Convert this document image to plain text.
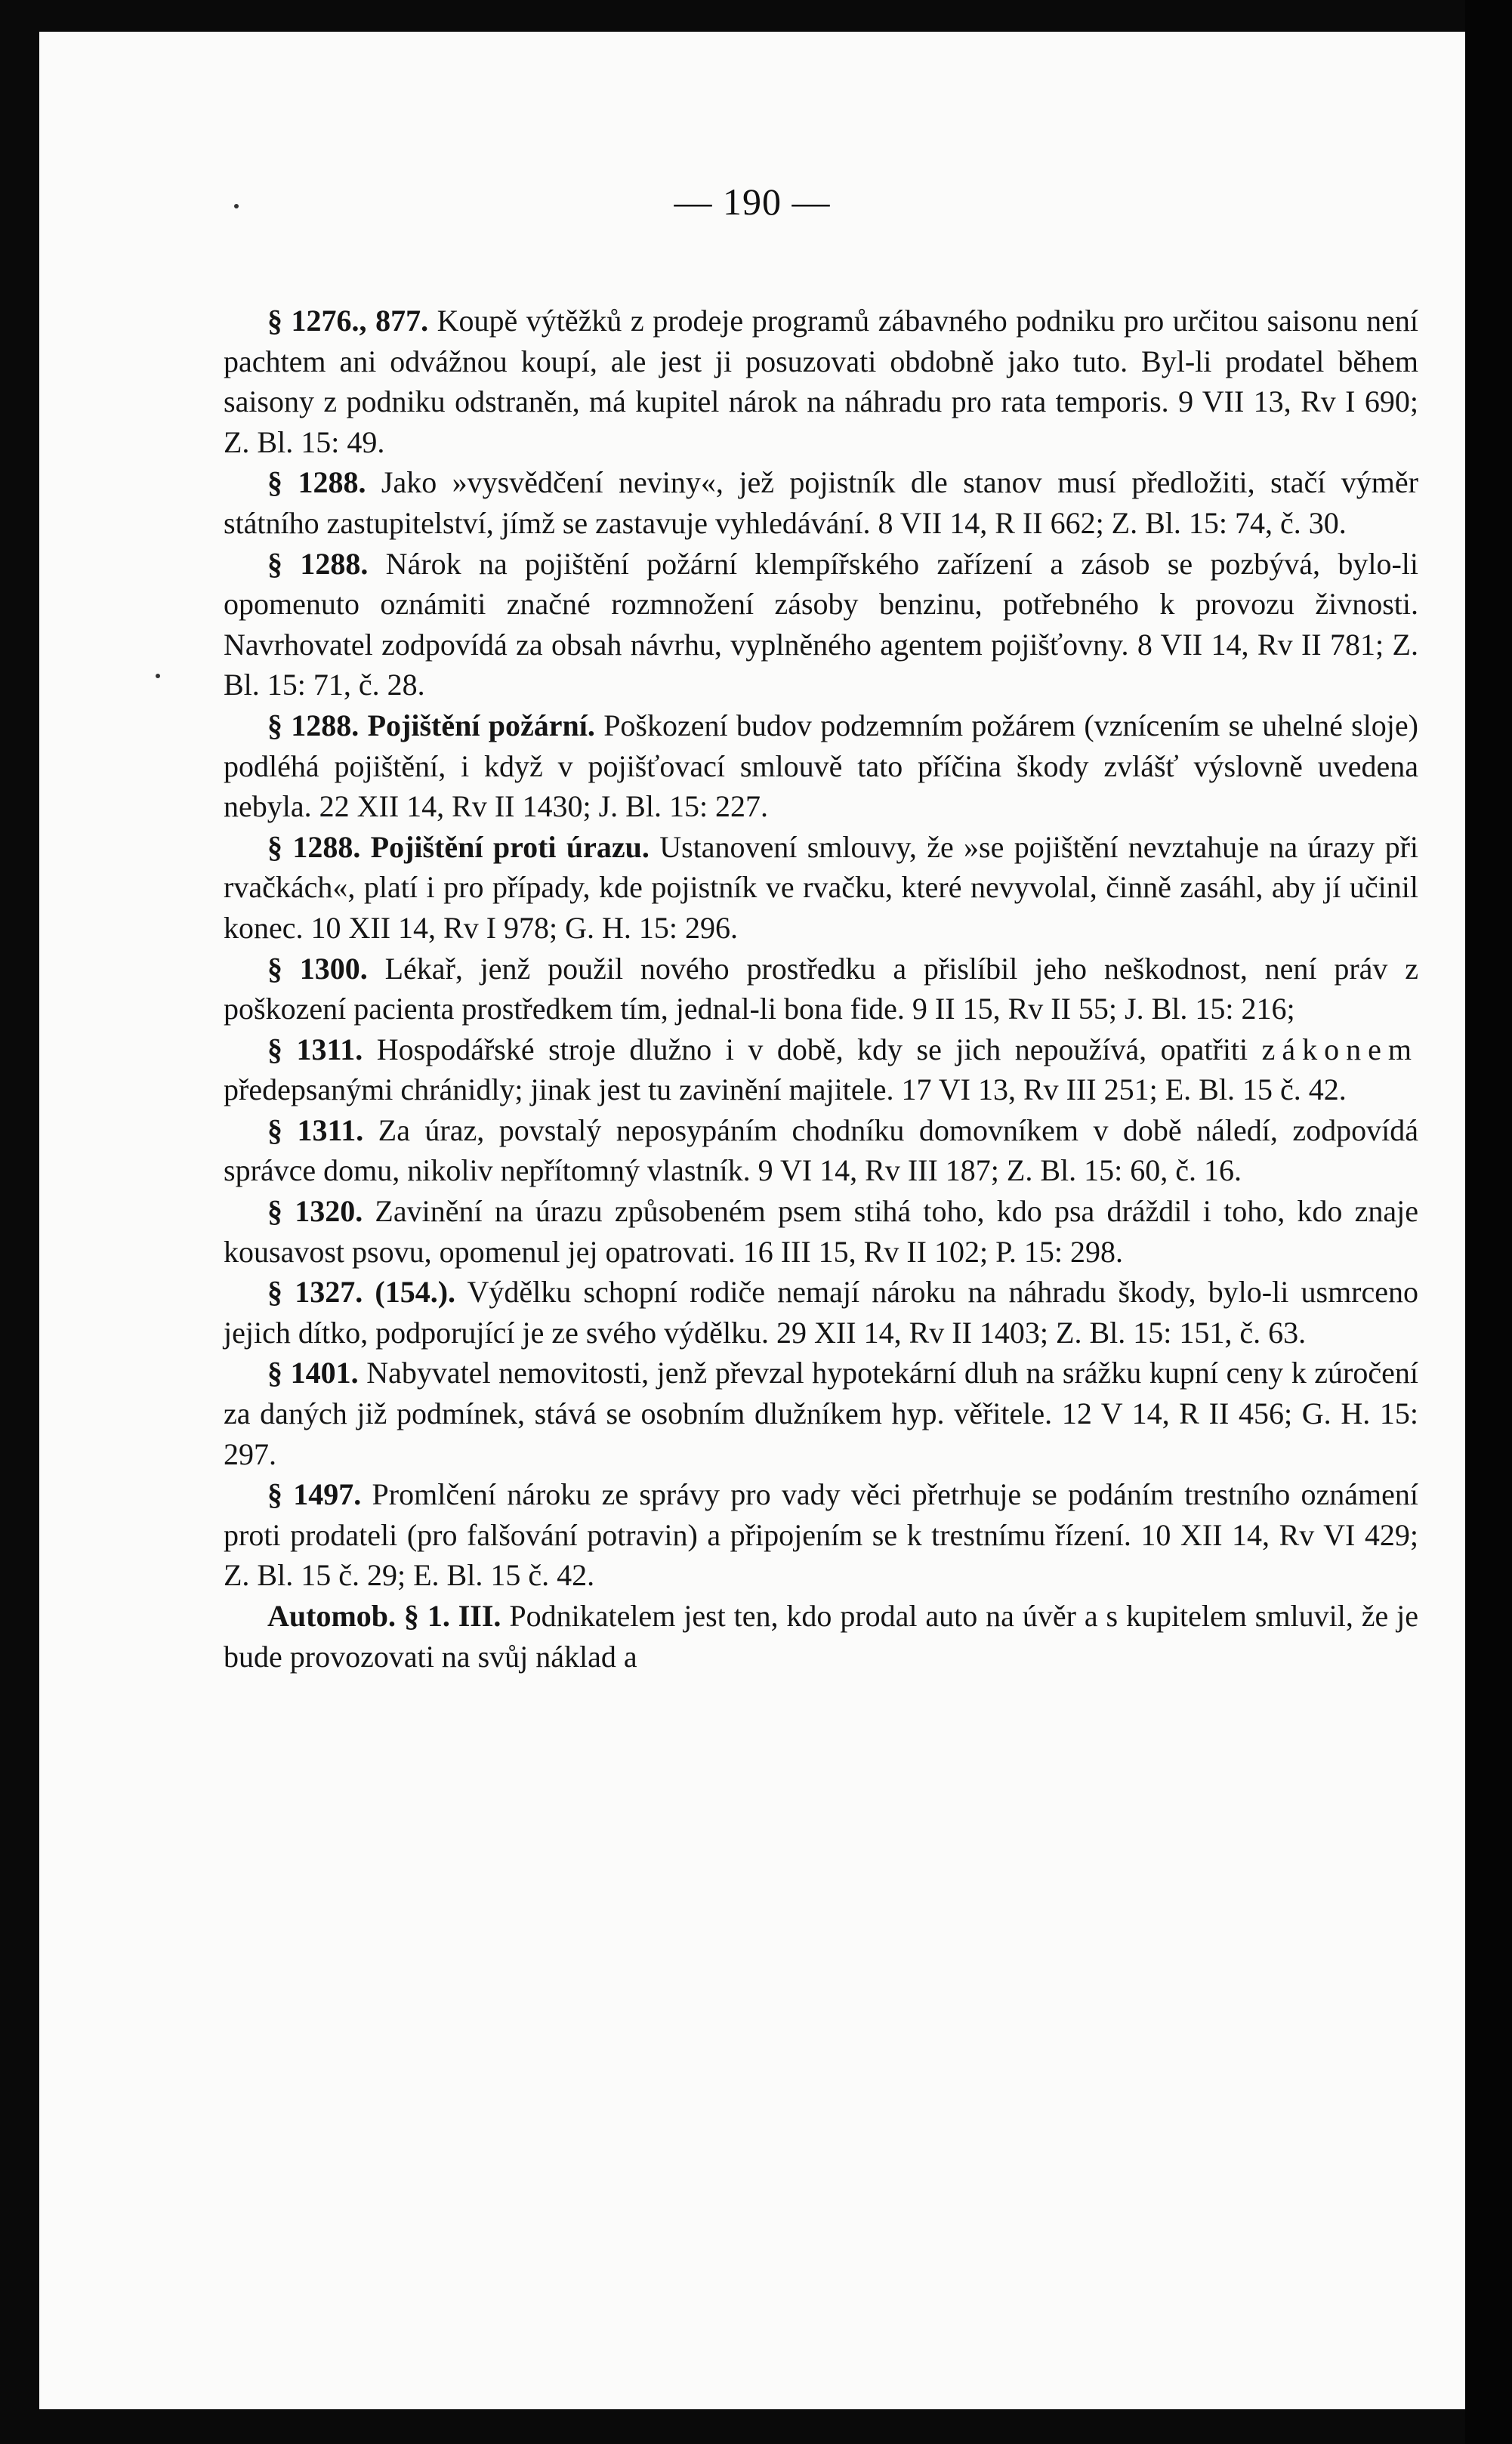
— 190 —

§ 1276., 877. Koupě výtěžků z prodeje programů zábavného podniku pro určitou saisonu není pachtem ani odvážnou koupí, ale jest ji posuzovati obdobně jako tuto. Byl-li prodatel během saisony z podniku odstraněn, má kupitel nárok na náhradu pro rata temporis. 9 VII 13, Rv I 690; Z. Bl. 15: 49.

§ 1288. Jako »vysvědčení neviny«, jež pojistník dle stanov musí předložiti, stačí výměr státního zastupitelství, jímž se zastavuje vyhledávání. 8 VII 14, R II 662; Z. Bl. 15: 74, č. 30.

§ 1288. Nárok na pojištění požární klempířského zařízení a zásob se pozbývá, bylo-li opomenuto oznámiti značné rozmnožení zásoby benzinu, potřebného k provozu živnosti. Navrhovatel zodpovídá za obsah návrhu, vyplněného agentem pojišťovny. 8 VII 14, Rv II 781; Z. Bl. 15: 71, č. 28.

§ 1288. Pojištění požární. Poškození budov podzemním požárem (vznícením se uhelné sloje) podléhá pojištění, i když v pojišťovací smlouvě tato příčina škody zvlášť výslovně uvedena nebyla. 22 XII 14, Rv II 1430; J. Bl. 15: 227.

§ 1288. Pojištění proti úrazu. Ustanovení smlouvy, že »se pojištění nevztahuje na úrazy při rvačkách«, platí i pro případy, kde pojistník ve rvačku, které nevyvolal, činně zasáhl, aby jí učinil konec. 10 XII 14, Rv I 978; G. H. 15: 296.

§ 1300. Lékař, jenž použil nového prostředku a přislíbil jeho neškodnost, není práv z poškození pacienta prostředkem tím, jednal-li bona fide. 9 II 15, Rv II 55; J. Bl. 15: 216;

§ 1311. Hospodářské stroje dlužno i v době, kdy se jich nepoužívá, opatřiti zákonem předepsanými chránidly; jinak jest tu zavinění majitele. 17 VI 13, Rv III 251; E. Bl. 15 č. 42.

§ 1311. Za úraz, povstalý neposypáním chodníku domovníkem v době náledí, zodpovídá správce domu, nikoliv nepřítomný vlastník. 9 VI 14, Rv III 187; Z. Bl. 15: 60, č. 16.

§ 1320. Zavinění na úrazu způsobeném psem stihá toho, kdo psa dráždil i toho, kdo znaje kousavost psovu, opomenul jej opatrovati. 16 III 15, Rv II 102; P. 15: 298.

§ 1327. (154.). Výdělku schopní rodiče nemají nároku na náhradu škody, bylo-li usmrceno jejich dítko, podporující je ze svého výdělku. 29 XII 14, Rv II 1403; Z. Bl. 15: 151, č. 63.

§ 1401. Nabyvatel nemovitosti, jenž převzal hypotekární dluh na srážku kupní ceny k zúročení za daných již podmínek, stává se osobním dlužníkem hyp. věřitele. 12 V 14, R II 456; G. H. 15: 297.

§ 1497. Promlčení nároku ze správy pro vady věci přetrhuje se podáním trestního oznámení proti prodateli (pro falšování potravin) a připojením se k trestnímu řízení. 10 XII 14, Rv VI 429; Z. Bl. 15 č. 29; E. Bl. 15 č. 42.

Automob. § 1. III. Podnikatelem jest ten, kdo prodal auto na úvěr a s kupitelem smluvil, že je bude provozovati na svůj náklad a
